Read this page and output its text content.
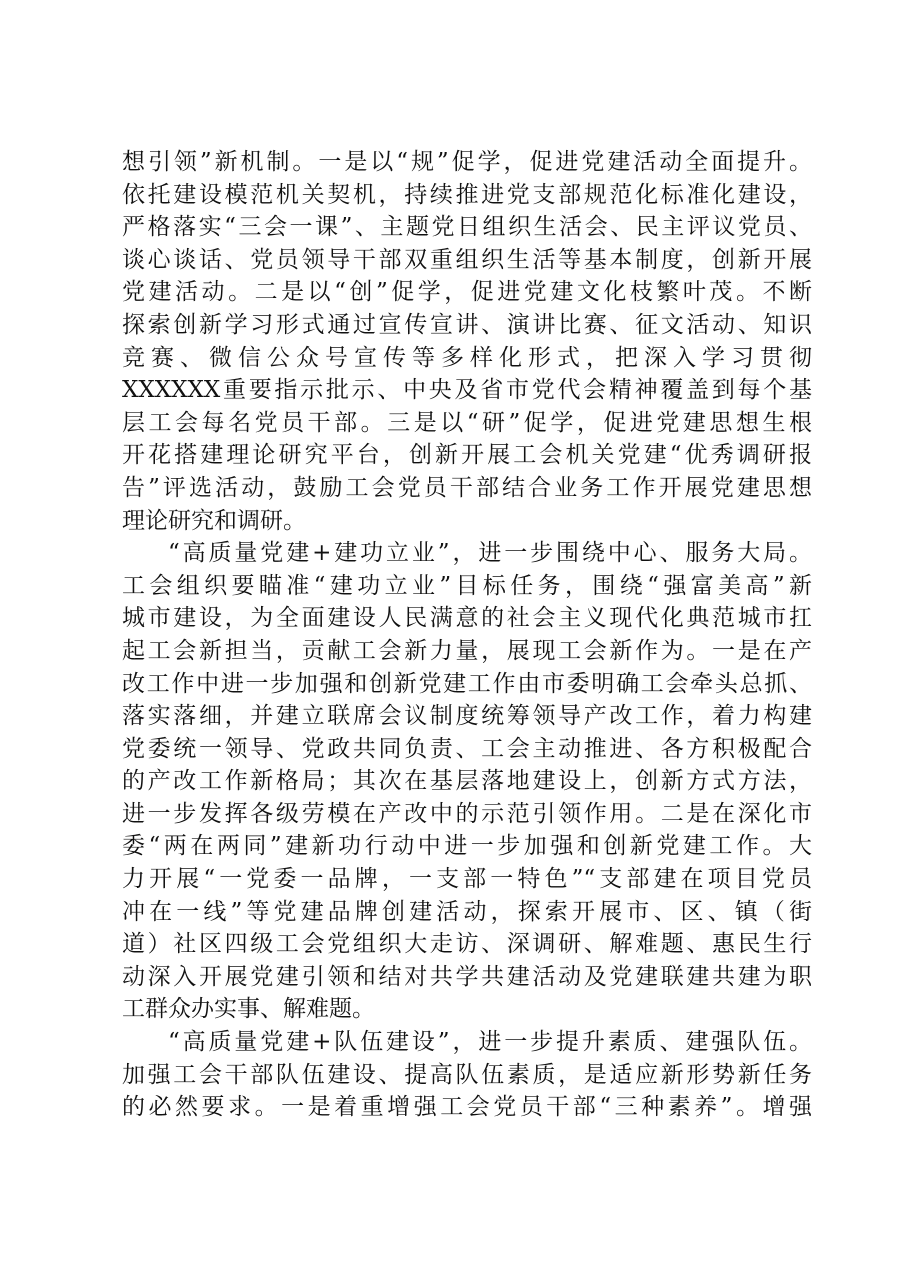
想引领”新机制。一是以“规”促学，促进党建活动全面提升。
依托建设模范机关契机，持续推进党支部规范化标准化建设，
严格落实“三会一课”、主题党日组织生活会、民主评议党员、
谈心谈话、党员领导干部双重组织生活等基本制度，创新开展
党建活动。二是以“创”促学，促进党建文化枝繁叶茂。不断
探索创新学习形式通过宣传宣讲、演讲比赛、征文活动、知识
竞赛、微信公众号宣传等多样化形式，把深入学习贯彻
XXXXXX重要指示批示、中央及省市党代会精神覆盖到每个基
层工会每名党员干部。三是以“研”促学，促进党建思想生根
开花搭建理论研究平台，创新开展工会机关党建“优秀调研报
告”评选活动，鼓励工会党员干部结合业务工作开展党建思想
理论研究和调研。
“高质量党建+建功立业”，进一步围绕中心、服务大局。
工会组织要瞄准“建功立业”目标任务，围绕“强富美高”新
城市建设，为全面建设人民满意的社会主义现代化典范城市扛
起工会新担当，贡献工会新力量，展现工会新作为。一是在产
改工作中进一步加强和创新党建工作由市委明确工会牵头总抓、
落实落细，并建立联席会议制度统筹领导产改工作，着力构建
党委统一领导、党政共同负责、工会主动推进、各方积极配合
的产改工作新格局；其次在基层落地建设上，创新方式方法，
进一步发挥各级劳模在产改中的示范引领作用。二是在深化市
委“两在两同”建新功行动中进一步加强和创新党建工作。大
力开展“一党委一品牌，一支部一特色”“支部建在项目党员
冲在一线”等党建品牌创建活动，探索开展市、区、镇（街
道）社区四级工会党组织大走访、深调研、解难题、惠民生行
动深入开展党建引领和结对共学共建活动及党建联建共建为职
工群众办实事、解难题。
“高质量党建+队伍建设”，进一步提升素质、建强队伍。
加强工会干部队伍建设、提高队伍素质，是适应新形势新任务
的必然要求。一是着重增强工会党员干部“三种素养”。增强
